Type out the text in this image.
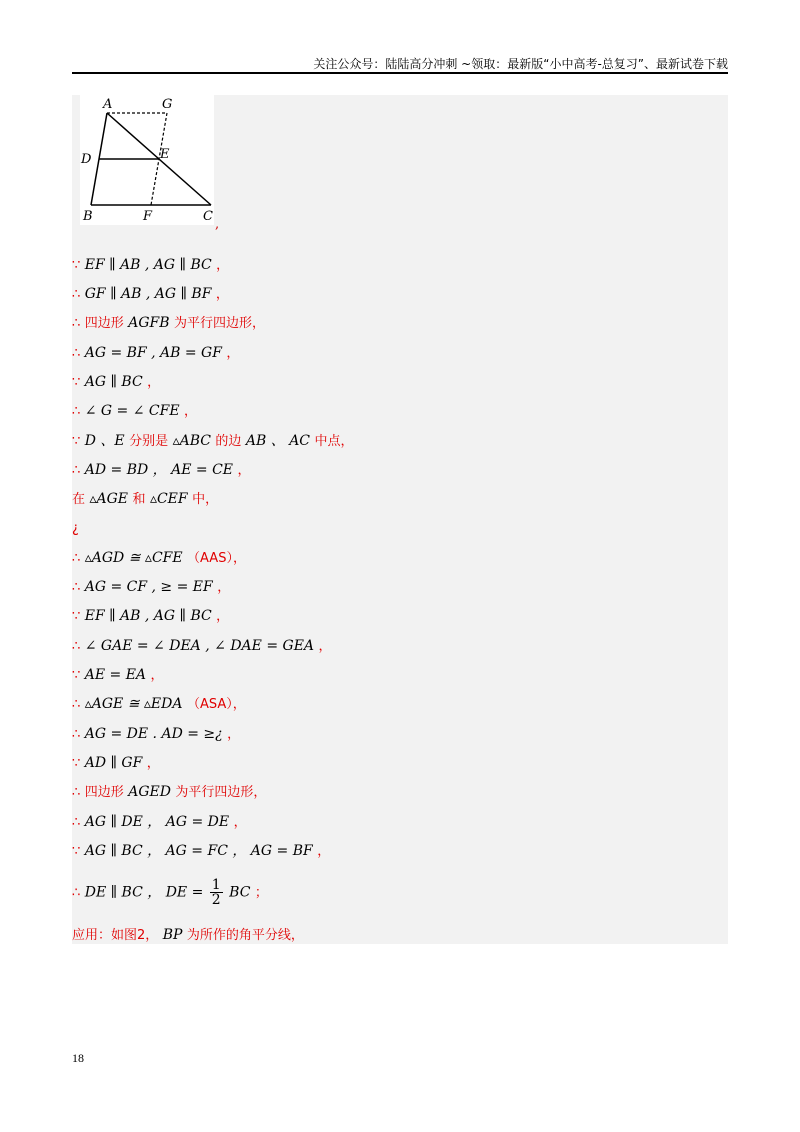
关注公众号：陆陆高分冲刺 ~领取：最新版“小中高考-总复习”、最新试卷下载
A	G
D	E
B	F	C
,
∵ EF ∥ AB , AG ∥ BC ，
∴ GF ∥ AB , AG ∥ BF ，
∴ 四边形 AGFB 为平行四边形，
∴ AG = BF , AB = GF ，
∵ AG ∥ BC ，
∴ ∠ G = ∠ CFE ，
∵ D 、E 分别是 ▵ABC 的边 AB 、 AC 中点，
∴ AD = BD ， AE = CE ，
在 ▵AGE 和 ▵CEF 中，
¿
∴ ▵AGD ≅ ▵CFE （AAS），
∴ AG = CF , ≥ = EF ，
∵ EF ∥ AB , AG ∥ BC ，
∴ ∠ GAE = ∠ DEA , ∠ DAE = GEA ，
∵ AE = EA ，
∴ ▵AGE ≅ ▵EDA （ASA），
∴ AG = DE . AD = ≥¿ ，
∵ AD ∥ GF ，
∴ 四边形 AGED 为平行四边形，
∴ AG ∥ DE ， AG = DE ，
∵ AG ∥ BC ， AG = FC ， AG = BF ，
∴ DE ∥ BC ， DE = $\frac{1}{2}$ BC ；
应用：如图2， BP 为所作的角平分线，
18
